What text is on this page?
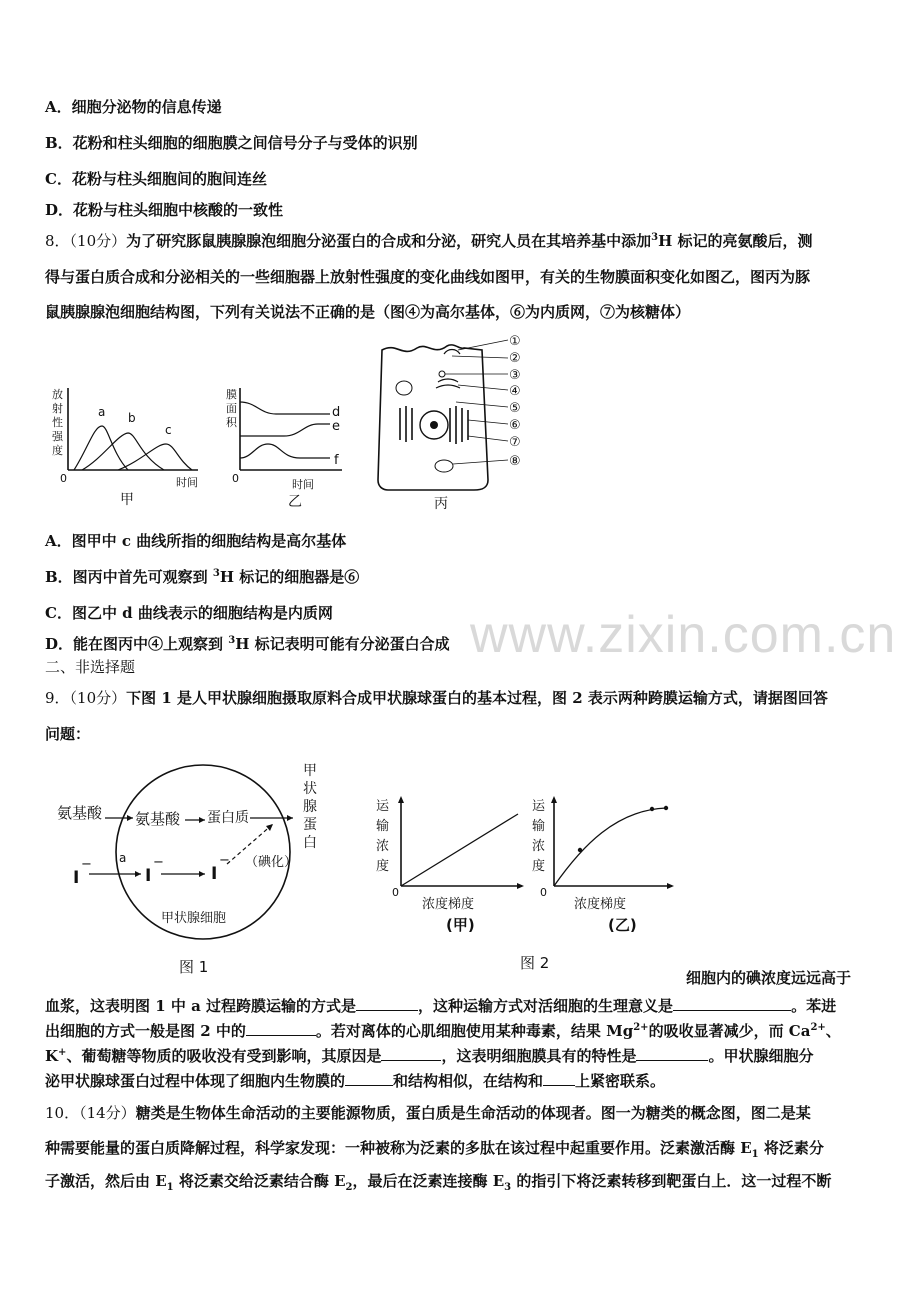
A．细胞分泌物的信息传递
B．花粉和柱头细胞的细胞膜之间信号分子与受体的识别
C．花粉与柱头细胞间的胞间连丝
D．花粉与柱头细胞中核酸的一致性
8．（10分）为了研究豚鼠胰腺腺泡细胞分泌蛋白的合成和分泌，研究人员在其培养基中添加$^3$H 标记的亮氨酸后，测
得与蛋白质合成和分泌相关的一些细胞器上放射性强度的变化曲线如图甲，有关的生物膜面积变化如图乙，图丙为豚
鼠胰腺腺泡细胞结构图，下列有关说法不正确的是（图④为高尔基体，⑥为内质网，⑦为核糖体）
放
射
性
强
度
0	时间
a b
c
甲
膜
面
积
0	时间
d
e
f
乙
①
②
③
④
⑤
⑥
⑦
⑧
丙
A．图甲中 c 曲线所指的细胞结构是高尔基体
B．图丙中首先可观察到 $^3$H 标记的细胞器是⑥
C．图乙中 d 曲线表示的细胞结构是内质网
D．能在图丙中④上观察到 $^3$H 标记表明可能有分泌蛋白合成 www.zixin.com.cn
二、非选择题
9．（10分）下图 1 是人甲状腺细胞摄取原料合成甲状腺球蛋白的基本过程，图 2 表示两种跨膜运输方式，请据图回答
问题：
氨基酸 氨基酸 蛋白质
甲
状
腺
蛋
白
I
− a
I
−
I
− （碘化）
甲状腺细胞
图 1
运
输
浓
度
0
浓度梯度
(甲)
运
输
浓
度
0
浓度梯度
(乙)
图 2
细胞内的碘浓度远远高于
血浆，这表明图 1 中 a 过程跨膜运输的方式是	，这种运输方式对活细胞的生理意义是	。苯进
出细胞的方式一般是图 2 中的	。若对离体的心肌细胞使用某种毒素，结果 $Mg^{2+}$的吸收显著减少，而 $Ca^{2+}$、
K+、葡萄糖等物质的吸收没有受到影响，其原因是	，这表明细胞膜具有的特性是	。甲状腺细胞分
泌甲状腺球蛋白过程中体现了细胞内生物膜的	和结构相似，在结构和 上紧密联系。
10．（14分）糖类是生物体生命活动的主要能源物质，蛋白质是生命活动的体现者。图一为糖类的概念图，图二是某
种需要能量的蛋白质降解过程，科学家发现：一种被称为泛素的多肽在该过程中起重要作用。泛素激活酶 $E_1$ 将泛素分
子激活，然后由 $E_1$ 将泛素交给泛素结合酶 $E_2$，最后在泛素连接酶 $E_3$ 的指引下将泛素转移到靶蛋白上．这一过程不断
